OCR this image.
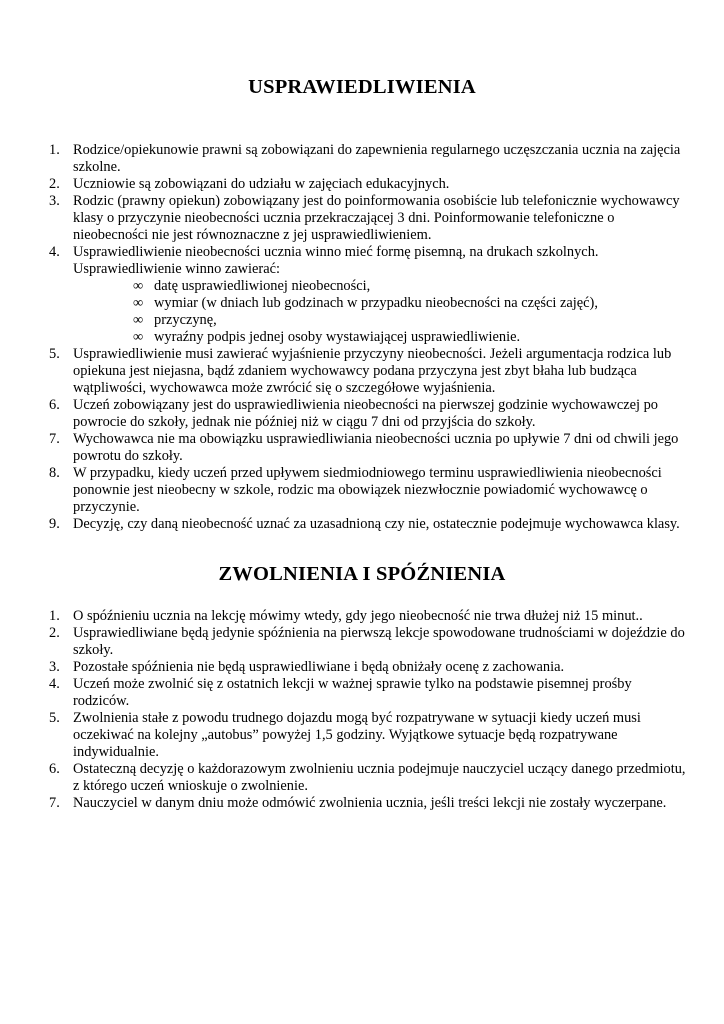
USPRAWIEDLIWIENIA
1. Rodzice/opiekunowie prawni są zobowiązani do zapewnienia regularnego uczęszczania ucznia na zajęcia szkolne.
2. Uczniowie są zobowiązani do udziału w zajęciach edukacyjnych.
3. Rodzic (prawny opiekun) zobowiązany jest do poinformowania osobiście lub telefonicznie wychowawcy klasy o przyczynie nieobecności ucznia przekraczającej 3 dni. Poinformowanie telefoniczne o nieobecności nie jest równoznaczne z jej usprawiedliwieniem.
4. Usprawiedliwienie nieobecności ucznia winno mieć formę pisemną, na drukach szkolnych. Usprawiedliwienie winno zawierać:
∞ datę usprawiedliwionej nieobecności,
∞ wymiar (w dniach lub godzinach w przypadku nieobecności na części zajęć),
∞ przyczynę,
∞ wyraźny podpis jednej osoby wystawiającej usprawiedliwienie.
5. Usprawiedliwienie musi zawierać wyjaśnienie przyczyny nieobecności. Jeżeli argumentacja rodzica lub opiekuna jest niejasna, bądź zdaniem wychowawcy podana przyczyna jest zbyt błaha lub budząca wątpliwości, wychowawca może zwrócić się o szczegółowe wyjaśnienia.
6. Uczeń zobowiązany jest do usprawiedliwienia nieobecności na pierwszej godzinie wychowawczej po powrocie do szkoły, jednak nie później niż w ciągu 7 dni od przyjścia do szkoły.
7. Wychowawca nie ma obowiązku usprawiedliwiania nieobecności ucznia po upływie 7 dni od chwili jego powrotu do szkoły.
8. W przypadku, kiedy uczeń przed upływem siedmiodniowego terminu usprawiedliwienia nieobecności ponownie jest nieobecny w szkole, rodzic ma obowiązek niezwłocznie powiadomić wychowawcę o przyczynie.
9. Decyzję, czy daną nieobecność uznać za uzasadnioną czy nie, ostatecznie podejmuje wychowawca klasy.
ZWOLNIENIA I SPÓŹNIENIA
1. O spóźnieniu ucznia na lekcję mówimy wtedy, gdy jego nieobecność nie trwa dłużej niż 15 minut..
2. Usprawiedliwiane będą jedynie spóźnienia na pierwszą lekcje spowodowane trudnościami w dojeździe do szkoły.
3. Pozostałe spóźnienia nie będą usprawiedliwiane i będą obniżały ocenę z zachowania.
4. Uczeń może zwolnić się z ostatnich lekcji w ważnej sprawie tylko na podstawie pisemnej prośby rodziców.
5. Zwolnienia stałe z powodu trudnego dojazdu mogą być rozpatrywane w sytuacji kiedy uczeń musi oczekiwać na kolejny „autobus” powyżej 1,5 godziny. Wyjątkowe sytuacje będą rozpatrywane indywidualnie.
6. Ostateczną decyzję o każdorazowym zwolnieniu ucznia podejmuje nauczyciel uczący danego przedmiotu, z którego uczeń wnioskuje o zwolnienie.
7. Nauczyciel w danym dniu może odmówić zwolnienia ucznia, jeśli treści lekcji nie zostały wyczerpane.
